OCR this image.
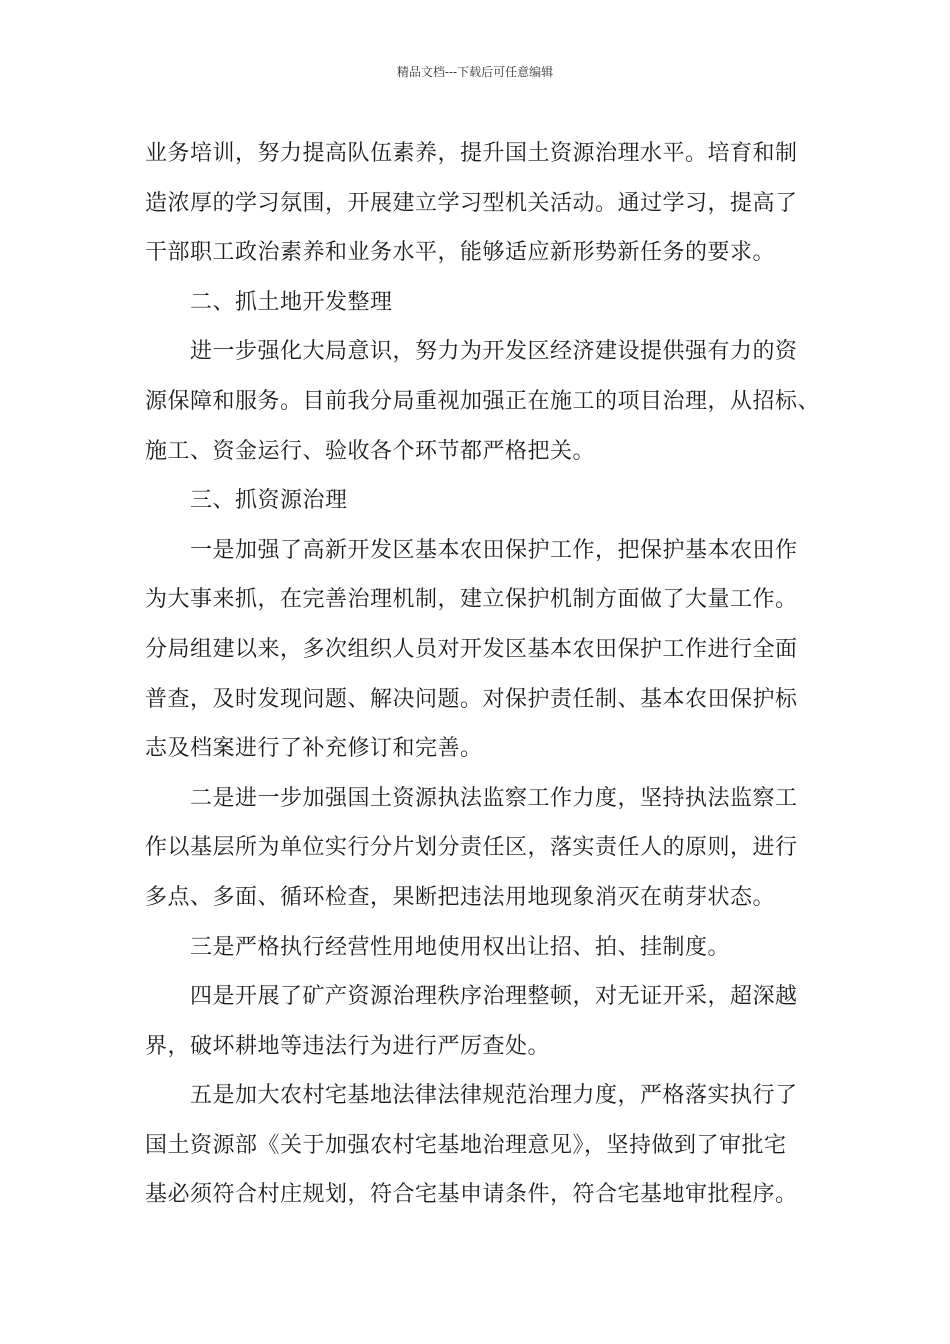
精品文档---下载后可任意编辑
业务培训，努力提高队伍素养，提升国土资源治理水平。培育和制
造浓厚的学习氛围，开展建立学习型机关活动。通过学习，提高了
干部职工政治素养和业务水平，能够适应新形势新任务的要求。
二、抓土地开发整理
进一步强化大局意识，努力为开发区经济建设提供强有力的资
源保障和服务。目前我分局重视加强正在施工的项目治理，从招标、
施工、资金运行、验收各个环节都严格把关。
三、抓资源治理
一是加强了高新开发区基本农田保护工作，把保护基本农田作
为大事来抓，在完善治理机制，建立保护机制方面做了大量工作。
分局组建以来，多次组织人员对开发区基本农田保护工作进行全面
普查，及时发现问题、解决问题。对保护责任制、基本农田保护标
志及档案进行了补充修订和完善。
二是进一步加强国土资源执法监察工作力度，坚持执法监察工
作以基层所为单位实行分片划分责任区，落实责任人的原则，进行
多点、多面、循环检查，果断把违法用地现象消灭在萌芽状态。
三是严格执行经营性用地使用权出让招、拍、挂制度。
四是开展了矿产资源治理秩序治理整顿，对无证开采，超深越
界，破坏耕地等违法行为进行严厉查处。
五是加大农村宅基地法律法律规范治理力度，严格落实执行了
国土资源部《关于加强农村宅基地治理意见》，坚持做到了审批宅
基必须符合村庄规划，符合宅基申请条件，符合宅基地审批程序。
